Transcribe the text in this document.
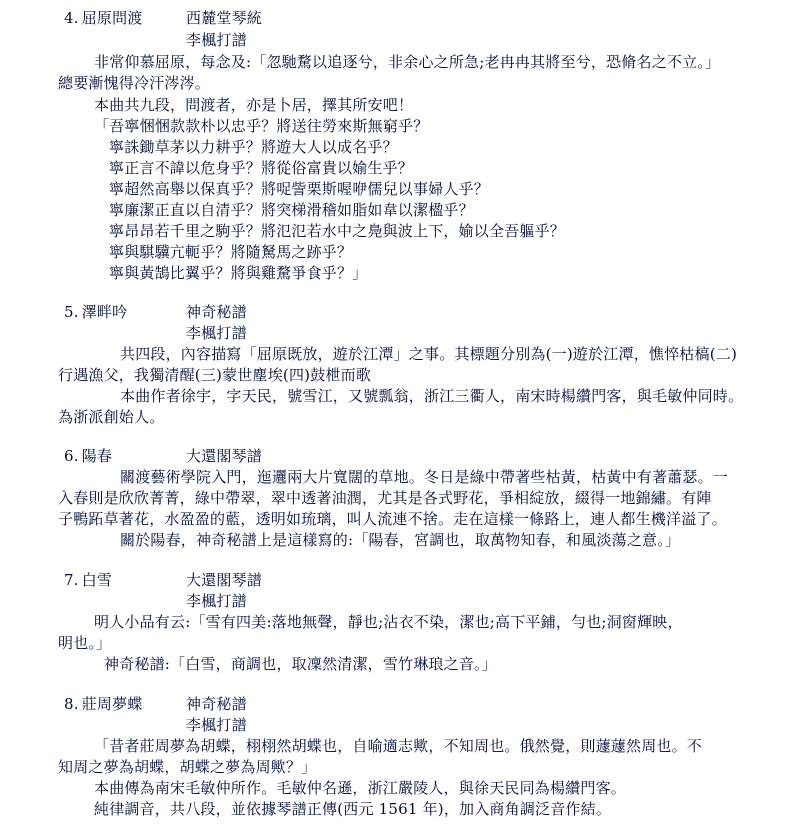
4. 屈原問渡	西麓堂琴統
李楓打譜
非常仰慕屈原，每念及:「忽馳騖以追逐兮，非余心之所急;老冉冉其將至兮，恐脩名之不立。」
總要漸愧得冷汗涔涔。
本曲共九段，問渡者，亦是卜居，擇其所安吧！
「吾寧悃悃款款朴以忠乎？將送往勞來斯無窮乎？
寧誅鋤草茅以力耕乎？將遊大人以成名乎？
寧正言不諱以危身乎？將從俗富貴以媮生乎？
寧超然高舉以保真乎？將哫訾栗斯喔咿儒兒以事婦人乎？
寧廉潔正直以自清乎？將突梯滑稽如脂如韋以潔楹乎？
寧昂昂若千里之駒乎？將氾氾若水中之鳧與波上下，媮以全吾軀乎？
寧與騏驥亢軛乎？將隨駑馬之跡乎？
寧與黃鵠比翼乎？將與雞騖爭食乎？」
5. 澤畔吟	神奇秘譜
李楓打譜
共四段，內容描寫「屈原既放，遊於江潭」之事。其標題分別為(一)遊於江潭，憔悴枯槁(二)
行遇漁父，我獨清醒(三)蒙世塵埃(四)鼓枻而歌
本曲作者徐宇，字天民，號雪江，又號瓢翁，浙江三衢人，南宋時楊纘門客，與毛敏仲同時。
為浙派創始人。
6. 陽春	大還閣琴譜
關渡藝術學院入門，迤邐兩大片寬闊的草地。冬日是綠中帶著些枯黃，枯黃中有著蕭瑟。一
入春則是欣欣菁菁，綠中帶翠，翠中透著油潤，尤其是各式野花，爭相綻放，綴得一地錦繡。有陣
子鴨跖草著花，水盈盈的藍，透明如琉璃，叫人流連不捨。走在這樣一條路上，連人都生機洋溢了。
關於陽春，神奇秘譜上是這樣寫的:「陽春，宮調也，取萬物知春，和風淡蕩之意。」
7. 白雪	大還閣琴譜
李楓打譜
明人小品有云:「雪有四美:落地無聲，靜也;沾衣不染，潔也;高下平鋪，勻也;洞窗輝映，
明也。」
神奇秘譜:「白雪，商調也，取凜然清潔，雪竹琳琅之音。」
8. 莊周夢蝶	神奇秘譜
李楓打譜
「昔者莊周夢為胡蝶，栩栩然胡蝶也，自喻適志歟，不知周也。俄然覺，則蘧蘧然周也。不
知周之夢為胡蝶，胡蝶之夢為周歟？」
本曲傳為南宋毛敏仲所作。毛敏仲名遜，浙江嚴陵人，與徐天民同為楊纘門客。
純律調音，共八段，並依據琴譜正傳(西元 1561 年)，加入商角調泛音作結。
